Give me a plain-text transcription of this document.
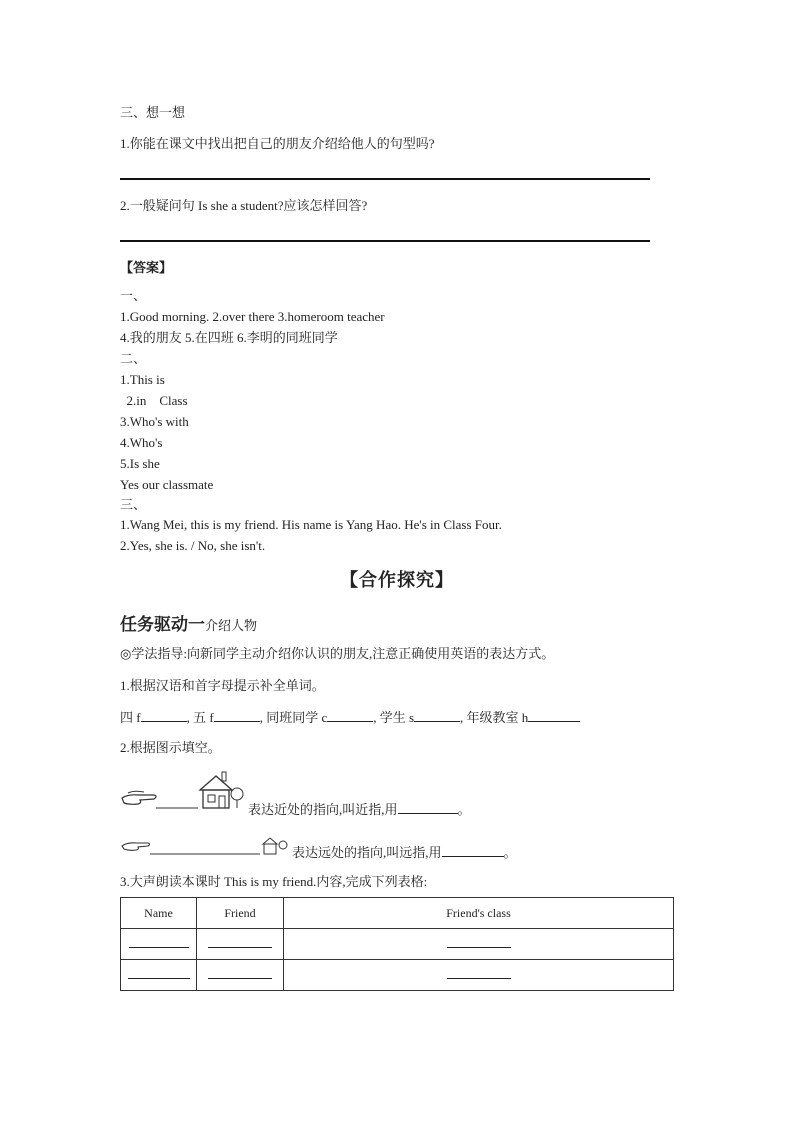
三、想一想
1.你能在课文中找出把自己的朋友介绍给他人的句型吗?
2.一般疑问句 Is she a student?应该怎样回答?
【答案】
一、
1.Good morning. 2.over there 3.homeroom teacher
4.我的朋友 5.在四班 6.李明的同班同学
二、
1.This is
2.in    Class
3.Who's with
4.Who's
5.Is she
Yes our classmate
三、
1.Wang Mei, this is my friend. His name is Yang Hao. He's in Class Four.
2.Yes, she is. / No, she isn't.
【合作探究】
任务驱动一介绍人物
◎学法指导:向新同学主动介绍你认识的朋友,注意正确使用英语的表达方式。
1.根据汉语和首字母提示补全单词。
四 f	, 五 f	, 同班同学 c	, 学生 s	, 年级教室 h
2.根据图示填空。
表达近处的指向,叫近指,用	。
表达远处的指向,叫远指,用	。
3.大声朗读本课时 This is my friend.内容,完成下列表格:
Name	Friend	Friend's class
